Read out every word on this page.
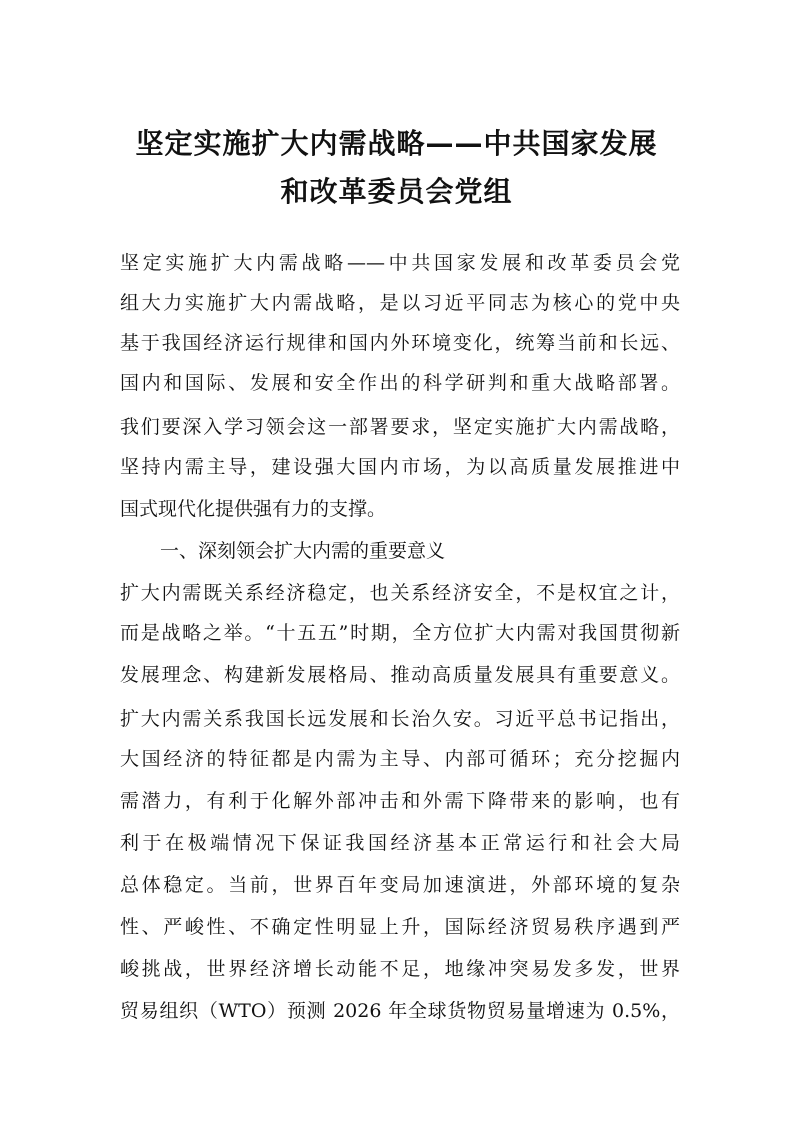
坚定实施扩大内需战略——中共国家发展
和改革委员会党组
坚定实施扩大内需战略——中共国家发展和改革委员会党
组大力实施扩大内需战略，是以习近平同志为核心的党中央
基于我国经济运行规律和国内外环境变化，统筹当前和长远、
国内和国际、发展和安全作出的科学研判和重大战略部署。
我们要深入学习领会这一部署要求，坚定实施扩大内需战略，
坚持内需主导，建设强大国内市场，为以高质量发展推进中
国式现代化提供强有力的支撑。
一、深刻领会扩大内需的重要意义
扩大内需既关系经济稳定，也关系经济安全，不是权宜之计，
而是战略之举。“十五五”时期，全方位扩大内需对我国贯彻新
发展理念、构建新发展格局、推动高质量发展具有重要意义。
扩大内需关系我国长远发展和长治久安。习近平总书记指出，
大国经济的特征都是内需为主导、内部可循环；充分挖掘内
需潜力，有利于化解外部冲击和外需下降带来的影响，也有
利于在极端情况下保证我国经济基本正常运行和社会大局
总体稳定。当前，世界百年变局加速演进，外部环境的复杂
性、严峻性、不确定性明显上升，国际经济贸易秩序遇到严
峻挑战，世界经济增长动能不足，地缘冲突易发多发，世界
贸易组织（WTO）预测 2026 年全球货物贸易量增速为 0.5%，
